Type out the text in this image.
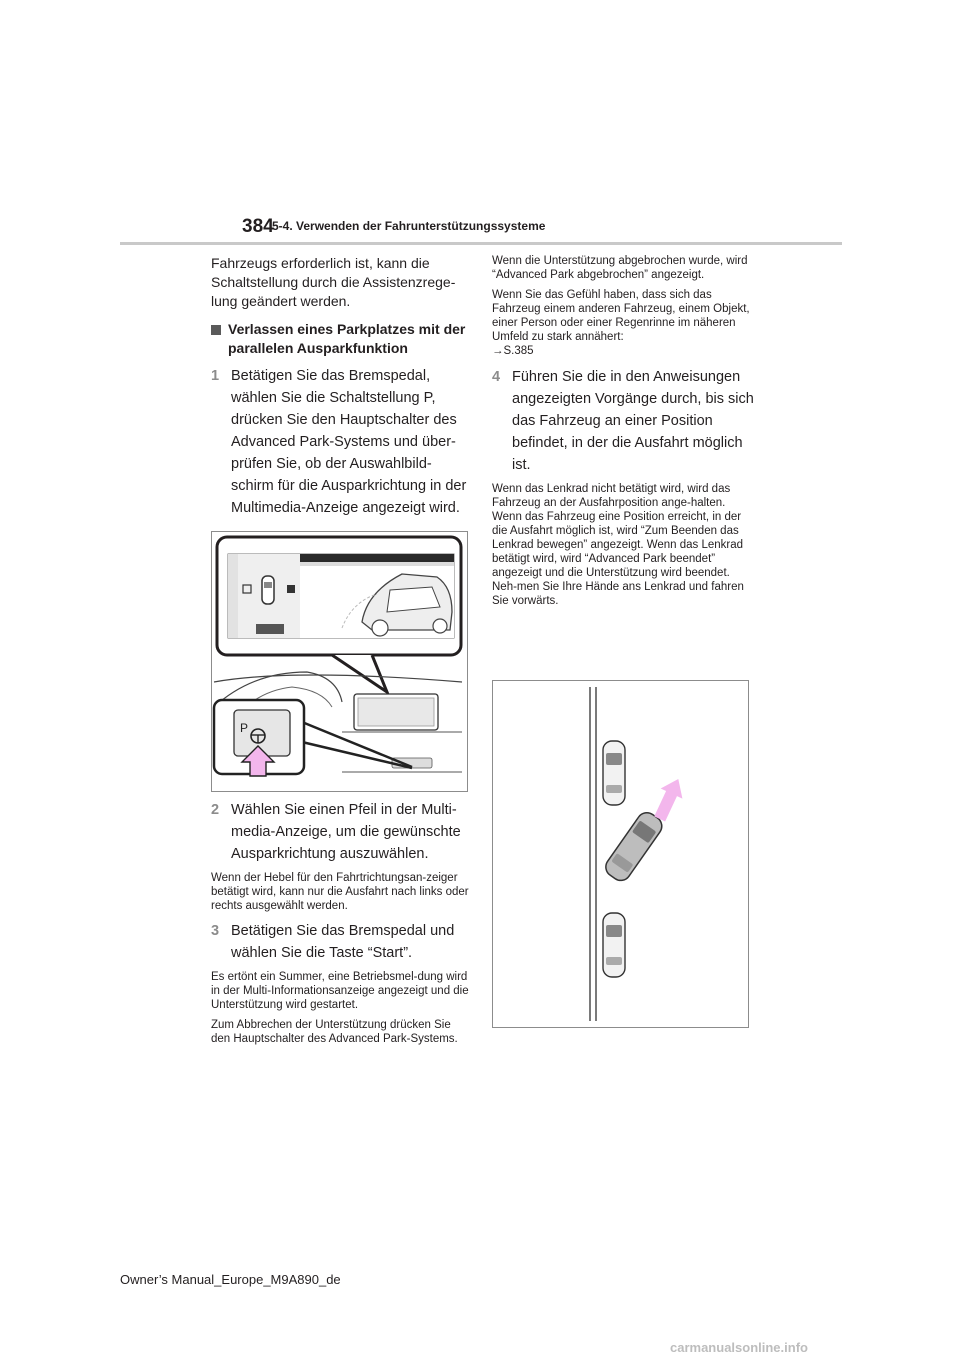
384
5-4. Verwenden der Fahrunterstützungssysteme

Fahrzeugs erforderlich ist, kann die Schaltstellung durch die Assistenzrege-lung geändert werden.

Verlassen eines Parkplatzes mit der parallelen Ausparkfunktion
1 Betätigen Sie das Bremspedal, wählen Sie die Schaltstellung P, drücken Sie den Hauptschalter des Advanced Park-Systems und über-prüfen Sie, ob der Auswahlbild-schirm für die Ausparkrichtung in der Multimedia-Anzeige angezeigt wird.
P
2 Wählen Sie einen Pfeil in der Multi-media-Anzeige, um die gewünschte Ausparkrichtung auszuwählen.

Wenn der Hebel für den Fahrtrichtungsan-zeiger betätigt wird, kann nur die Ausfahrt nach links oder rechts ausgewählt werden.

3 Betätigen Sie das Bremspedal und wählen Sie die Taste “Start”.

Es ertönt ein Summer, eine Betriebsmel-dung wird in der Multi-Informationsanzeige angezeigt und die Unterstützung wird gestartet.

Zum Abbrechen der Unterstützung drücken Sie den Hauptschalter des Advanced Park-Systems.

Wenn die Unterstützung abgebrochen wurde, wird “Advanced Park abgebrochen” angezeigt.

Wenn Sie das Gefühl haben, dass sich das Fahrzeug einem anderen Fahrzeug, einem Objekt, einer Person oder einer Regenrinne im näheren Umfeld zu stark annähert:
→S.385

4 Führen Sie die in den Anweisungen angezeigten Vorgänge durch, bis sich das Fahrzeug an einer Position befindet, in der die Ausfahrt möglich ist.

Wenn das Lenkrad nicht betätigt wird, wird das Fahrzeug an der Ausfahrposition ange-halten. Wenn das Fahrzeug eine Position erreicht, in der die Ausfahrt möglich ist, wird “Zum Beenden das Lenkrad bewegen” angezeigt. Wenn das Lenkrad betätigt wird, wird “Advanced Park beendet” angezeigt und die Unterstützung wird beendet. Neh-men Sie Ihre Hände ans Lenkrad und fahren Sie vorwärts.

Owner’s Manual_Europe_M9A890_de
carmanualsonline.info
